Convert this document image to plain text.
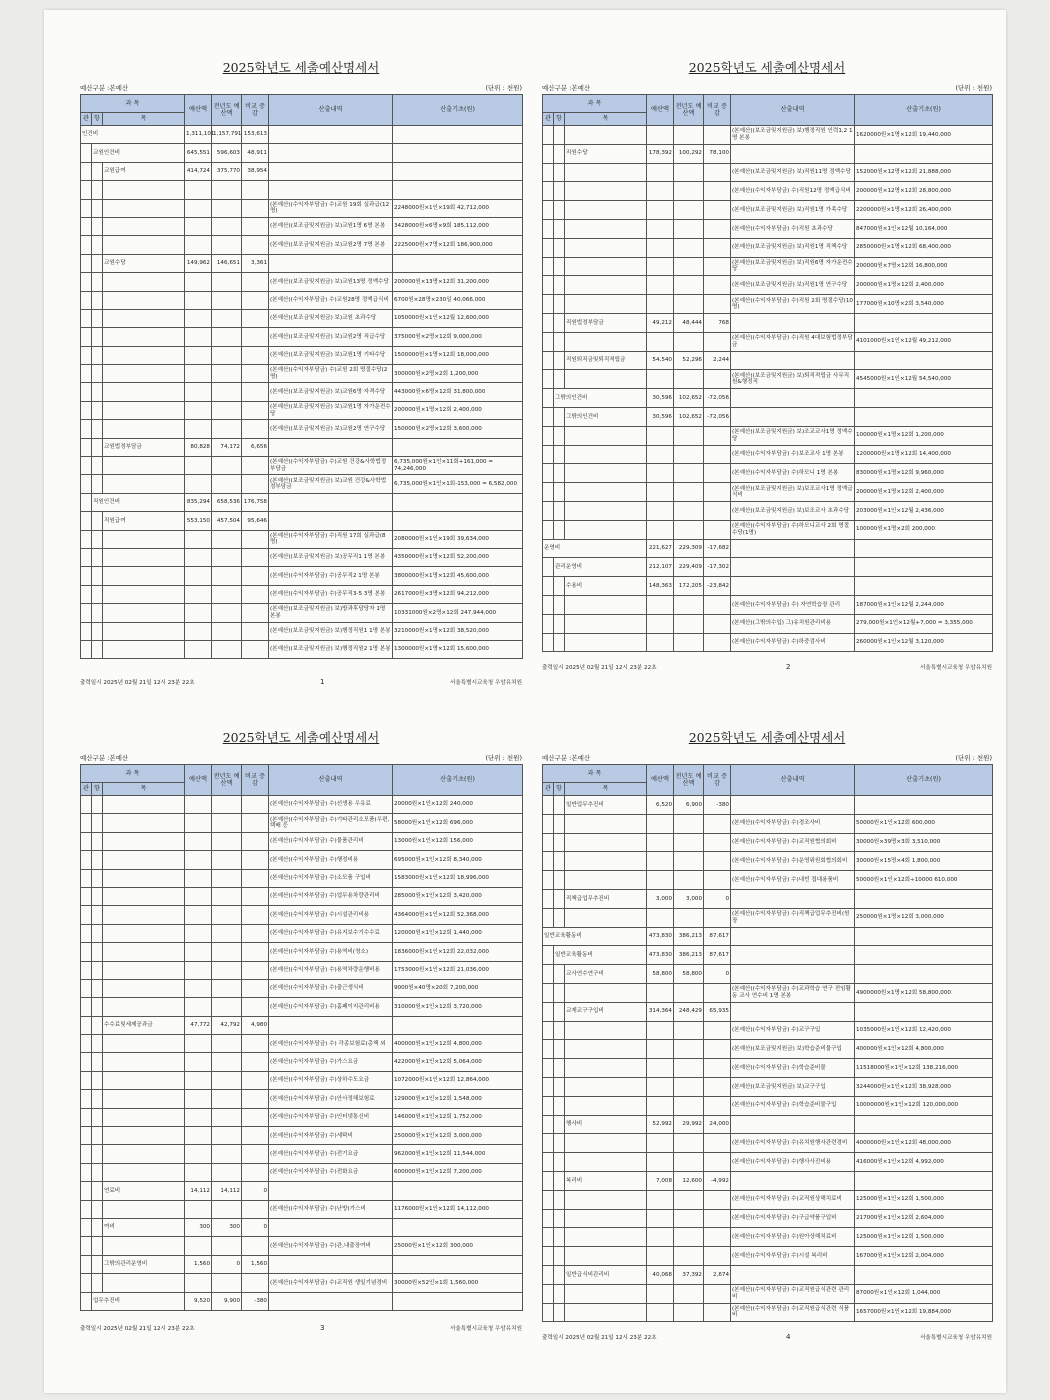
2025학년도 세출예산명세서
예산구분 :본예산	(단위 : 천원)
과 목			예산액	전년도 예산액	비교 증감	산출내역	산출기초(원)
관	항	목					
인건비			1,311,101	1,157,791	153,613		
	교원인건비		645,551	596,603	48,911		
		교원급여	414,724	375,770	38,954		

						(본예산)(수익자부담금) 수)교원 19회 실과급(12명)	2248000원×1인×19회 42,712,000
						(본예산)(보조금및지원금) 보)교원1명 6명 본봉	3428000원×6명×9회 185,112,000
						(본예산)(보조금및지원금) 보)교원2명 7명 본봉	2225000원×7명×12회 186,900,000
		교원수당	149,962	146,651	3,361		
						(본예산)(보조금및지원금) 보)교원13명 정액수당	200000원×13명×12회 31,200,000
						(본예산)(수익자부담금) 수)교원28명 정액급식비	6700원×28명×230일 40,066,000
						(본예산)(보조금및지원금) 보)교원 초과수당	1050000원×1인×12월 12,600,000
						(본예산)(보조금및지원금) 보)교원2명 직급수당	375000원×2명×12회 9,000,000
						(본예산)(보조금및지원금) 보)교원1명 기타수당	1500000원×1명×12회 18,000,000
						(본예산)(수익자부담금) 수)교원 2회 명절수당(2명)	300000원×2명×2회 1,200,000
						(본예산)(보조금및지원금) 보)교원6명 자격수당	443000원×6명×12회 31,800,000
						(본예산)(보조금및지원금) 보)교원1명 자가운전수당	200000원×1명×12회 2,400,000
						(본예산)(보조금및지원금) 보)교원2명 연구수당	150000원×2명×12회 3,600,000
		교원법정부담금	80,828	74,172	6,656		
						(본예산)(수익자부담금) 수)교원 건강&사학법정부담금	6,735,000원×1인×11회+161,000 = 74,246,000
						(본예산)(보조금및지원금) 보)교원 건강&사학법정부담금	6,735,000원×1인×1회-153,000 = 6,582,000
	직원인건비		835,294	658,536	176,758		
		직원급여	553,150	457,504	95,646		
						(본예산)(수익자부담금) 수)직원 17회 실과급(8명)	2080000원×1인×19회 39,634,000
						(본예산)(보조금및지원금) 보)공무직1 1명 본봉	4350000원×1명×12회 52,200,000
						(본예산)(수익자부담금) 수)공무직2 1명 본봉	3800000원×1명×12회 45,600,000
						(본예산)(수익자부담금) 수)공무직3-5 3명 본봉	2617000원×3명×12회 94,212,000
						(본예산)(보조금및지원금) 보)방과후담당자 1명 본봉	10331000원×2명×12회 247,944,000
						(본예산)(보조금및지원금) 보)행정직원1 1명 본봉	3210000원×1명×12회 38,520,000
						(본예산)(보조금및지원금) 보)행정직원2 1명 본봉	1300000원×1명×12회 15,600,000
출력일시 2025년 02월 21일 12시 23분 22초	1	서울특별시교육청 우암유치원
2025학년도 세출예산명세서
예산구분 :본예산	(단위 : 천원)
과 목			예산액	전년도 예산액	비교 증감	산출내역	산출기초(원)
관	항	목					
						(본예산)(보조금및지원금) 보)행정직원 인력1,2 1명 본봉	1620000원×1명×12회 19,440,000
		직원수당	178,392	100,292	78,100		
						(본예산)(보조금및지원금) 보)직원11명 정액수당	152000원×12명×12회 21,888,000
						(본예산)(수익자부담금) 수)직원12명 정액급식비	200000원×12명×12회 28,800,000
						(본예산)(보조금및지원금) 보)직원1명 가족수당	2200000원×1명×12회 26,400,000
						(본예산)(수익자부담금) 수)직원 초과수당	847000원×1인×12월 10,164,000
						(본예산)(보조금및지원금) 보)직원1명 직책수당	2850000원×1명×12회 68,400,000
						(본예산)(보조금및지원금) 보)직원6명 자가운전수당	200000원×7명×12회 16,800,000
						(본예산)(보조금및지원금) 보)직원1명 연구수당	200000원×1명×12회 2,400,000
						(본예산)(수익자부담금) 수)직원 2회 명절수당(10명)	177000원×10명×2회 3,540,000
		직원법정부담금	49,212	48,444	768		
						(본예산)(수익자부담금) 수)직원 4대보험법정부담금	4101000원×1인×12월 49,212,000
		직원퇴직금및퇴직적립금	54,540	52,296	2,244		
						(본예산)(보조금및지원금) 보)퇴직적립금 사무직원&행정직	4545000원×1인×12월 54,540,000
	그밖의인건비		30,596	102,652	-72,056		
		그밖의인건비	30,596	102,652	-72,056		
						(본예산)(보조금및지원금) 보)조교교사1명 정액수당	100000원×1명×12회 1,200,000
						(본예산)(수익자부담금) 수)보조교사 1명 본봉	1200000원×1명×12회 14,400,000
						(본예산)(수익자부담금) 수)하모니 1명 본봉	830000원×1명×12회 9,960,000
						(본예산)(보조금및지원금) 보)보조교사1명 정액급식비	200000원×1명×12회 2,400,000
						(본예산)(보조금및지원금) 보)보조교사 초과수당	203000원×1인×12월 2,436,000
						(본예산)(수익자부담금) 수)하모니교사 2회 명절수당(1명)	100000원×1명×2회 200,000
운영비			221,627	229,309	-17,682		
	관리운영비		212,107	229,409	-17,302		
		수용비	148,363	172,205	-23,842		
						(본예산)(수익자부담금) 수) 자연학습장 관리	187000원×1인×12월 2,244,000
						(본예산)(그밖의수입) 그)유치원관리비용	279,000원×1인×12월+7,000 = 3,355,000
						(본예산)(수익자부담금) 수)하중검사비	260000원×1인×12월 3,120,000
출력일시 2025년 02월 21일 12시 23분 22초	2	서울특별시교육청 우암유치원
2025학년도 세출예산명세서
예산구분 :본예산	(단위 : 천원)
과 목			예산액	전년도 예산액	비교 증감	산출내역	산출기초(원)
관	항	목					
						(본예산)(수익자부담금) 수)선생용 우유료	20000원×1인×12회 240,000
						(본예산)(수익자부담금) 수)기타관리소모품(우편,택배 등	58000원×1인×12회 696,000
						(본예산)(수익자부담금) 수)물품관리비	13000원×1인×12회 156,000
						(본예산)(수익자부담금) 수)행정비용	695000원×1인×12회 8,340,000
						(본예산)(수익자부담금) 수)소모품 구입비	1583000원×1인×12회 18,996,000
						(본예산)(수익자부담금) 수)업무용차량관리비	285000원×1인×12회 3,420,000
						(본예산)(수익자부담금) 수)시설관리비용	4364000원×1인×12회 52,368,000
						(본예산)(수익자부담금) 수)유지보수기수수료	120000원×1인×12회 1,440,000
						(본예산)(수익자부담금) 수)용역비(청소)	1836000원×1인×12회 22,032,000
						(본예산)(수익자부담금) 수)용역차량운행비용	1753000원×1인×12회 21,036,000
						(본예산)(수익자부담금) 수)출근생식비	9000원×40명×20회 7,200,000
						(본예산)(수익자부담금) 수)홈페이지관리비용	310000원×1인×12회 3,720,000
		수수료및세제공과금	47,772	42,792	4,980		
						(본예산)(수익자부담금) 수) 각종보험료(총책 외	400000원×1인×12회 4,800,000
						(본예산)(수익자부담금) 수)가스요금	422000원×1인×12회 5,064,000
						(본예산)(수익자부담금) 수)상하수도요금	1072000원×1인×12회 12,864,000
						(본예산)(수익자부담금) 수)안사정해보험료	129000원×1인×12회 1,548,000
						(본예산)(수익자부담금) 수)인터넷통신비	146000원×1인×12회 1,752,000
						(본예산)(수익자부담금) 수)세탁비	250000원×1인×12회 3,000,000
						(본예산)(수익자부담금) 수)전기요금	962000원×1인×12회 11,544,000
						(본예산)(수익자부담금) 수)전화요금	600000원×1인×12회 7,200,000
		연료비	14,112	14,112	0		
						(본예산)(수익자부담금) 수)난방(가스비	1176000원×1인×12회 14,112,000
		여비	300	300	0		
						(본예산)(수익자부담금) 수)관,내출장여비	25000원×1인×12회 300,000
		그밖의관리운영비	1,560	0	1,560		
						(본예산)(수익자부담금) 수)교직원 생일기념경비	30000원×52인×1회 1,560,000
	업무추진비		9,520	9,900	-380		
출력일시 2025년 02월 21일 12시 23분 22초	3	서울특별시교육청 우암유치원
2025학년도 세출예산명세서
예산구분 :본예산	(단위 : 천원)
과 목			예산액	전년도 예산액	비교 증감	산출내역	산출기초(원)
관	항	목					
		일반업무추진비	6,520	6,900	-380		
						(본예산)(수익자부담금) 수)경조사비	50000원×1인×12회 600,000
						(본예산)(수익자부담금) 수)교직원협의회비	30000원×39명×3회 3,510,000
						(본예산)(수익자부담금) 수)운영위원회협의회비	30000원×15명×4회 1,800,000
						(본예산)(수익자부담금) 수)내빈 접대용품비	50000원×1인×12회÷10000 610,000
		직책급업무추진비	3,000	3,000	0		
						(본예산)(수익자부담금) 수)직책급업무추진비(원장	250000원×1명×12회 3,000,000
일반교육활동비			473,830	386,213	87,617		
	일반교육활동비		473,830	386,213	87,617		
		교사연수연구비	58,800	58,800	0		
						(본예산)(수익자부담금) 수)교과학습 연구 전임활동 교사 연수비 1명 본봉	4900000원×1명×12회 58,800,000
		교재교구구입비	314,364	248,429	65,935		
						(본예산)(수익자부담금) 수)교구구입	1035000원×1인×12회 12,420,000
						(본예산)(보조금및지원금) 보)학습준비물구입	400000원×1인×12회 4,800,000
						(본예산)(수익자부담금) 수)학습준비물	11518000원×1인×12회 138,216,000
						(본예산)(보조금및지원금) 보)교구구입	3244000원×1인×12회 38,928,000
						(본예산)(수익자부담금) 수)학습준비물구입	10000000원×1인×12회 120,000,000
		행사비	52,992	29,992	24,000		
						(본예산)(수익자부담금) 수)유치원행사관련경비	4000000원×1인×12회 48,000,000
						(본예산)(수익자부담금) 수)행사사진비용	416000원×1인×12회 4,992,000
		복리비	7,008	12,600	-4,992		
						(본예산)(수익자부담금) 수)교직원상해치료비	125000원×1인×12회 1,500,000
						(본예산)(수익자부담금) 수)구급약품구입비	217000원×1인×12회 2,604,000
						(본예산)(수익자부담금) 수)원아상해치료비	125000원×1인×12회 1,500,000
						(본예산)(수익자부담금) 수)시설 복리비	167000원×1인×12회 2,004,000
		일반급식비관리비	40,068	37,392	2,674		
						(본예산)(수익자부담금) 수)교직원급식관련 관리비	87000원×1인×12회 1,044,000
						(본예산)(수익자부담금) 수)교직원급식관련 식품비	1657000원×1인×12회 19,884,000
출력일시 2025년 02월 21일 12시 23분 22초	4	서울특별시교육청 우암유치원
